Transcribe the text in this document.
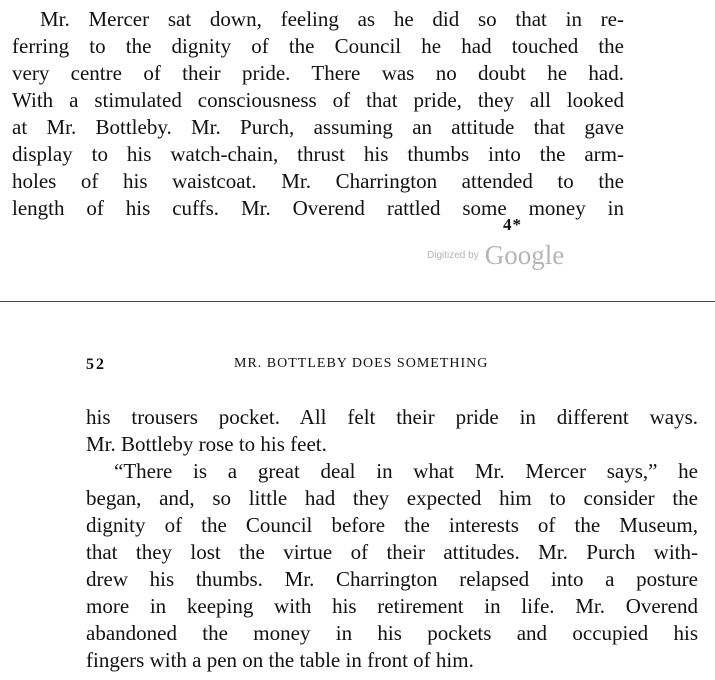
Mr. Mercer sat down, feeling as he did so that in re-
ferring to the dignity of the Council he had touched the
very centre of their pride. There was no doubt he had.
With a stimulated consciousness of that pride, they all looked
at Mr. Bottleby. Mr. Purch, assuming an attitude that gave
display to his watch-chain, thrust his thumbs into the arm-
holes of his waistcoat. Mr. Charrington attended to the
length of his cuffs. Mr. Overend rattled some money in
4*
Digitized by Google
52	MR. BOTTLEBY DOES SOMETHING
his trousers pocket. All felt their pride in different ways.
Mr. Bottleby rose to his feet.
“There is a great deal in what Mr. Mercer says,” he
began, and, so little had they expected him to consider the
dignity of the Council before the interests of the Museum,
that they lost the virtue of their attitudes. Mr. Purch with-
drew his thumbs. Mr. Charrington relapsed into a posture
more in keeping with his retirement in life. Mr. Overend
abandoned the money in his pockets and occupied his
fingers with a pen on the table in front of him.
